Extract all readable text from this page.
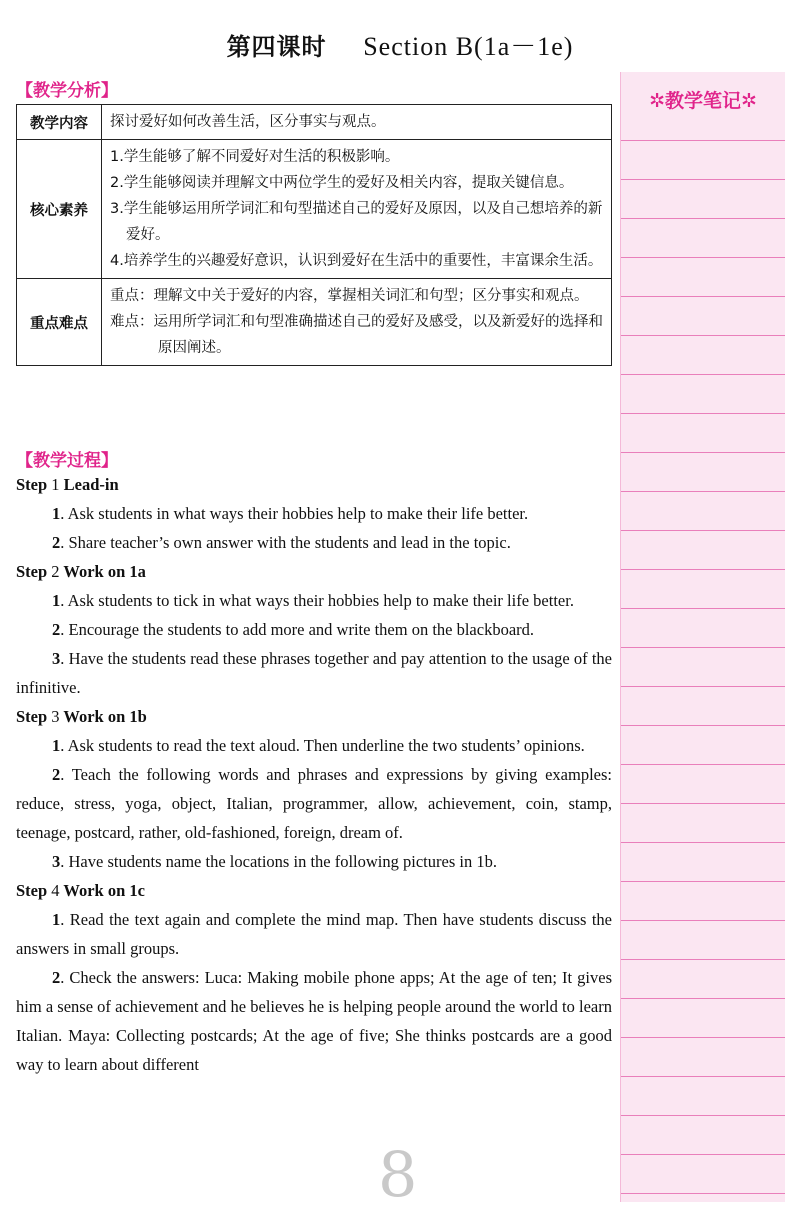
第四课时 Section B(1a－1e)
【教学分析】
教学内容	探讨爱好如何改善生活，区分事实与观点。
核心素养	1.学生能够了解不同爱好对生活的积极影响。
2.学生能够阅读并理解文中两位学生的爱好及相关内容，提取关键信息。
3.学生能够运用所学词汇和句型描述自己的爱好及原因，以及自己想培养的新爱好。
4.培养学生的兴趣爱好意识，认识到爱好在生活中的重要性，丰富课余生活。

重点难点	重点：理解文中关于爱好的内容，掌握相关词汇和句型；区分事实和观点。
难点：运用所学词汇和句型准确描述自己的爱好及感受，以及新爱好的选择和原因阐述。
✲教学笔记✲
【教学过程】
Step 1 Lead-in
1. Ask students in what ways their hobbies help to make their life better.
2. Share teacher’s own answer with the students and lead in the topic.
Step 2 Work on 1a
1. Ask students to tick in what ways their hobbies help to make their life better.
2. Encourage the students to add more and write them on the blackboard.
3. Have the students read these phrases together and pay attention to the usage of the infinitive.
Step 3 Work on 1b
1. Ask students to read the text aloud. Then underline the two students’ opinions.
2. Teach the following words and phrases and expressions by giving examples: reduce, stress, yoga, object, Italian, programmer, allow, achievement, coin, stamp, teenage, postcard, rather, old-fashioned, foreign, dream of.
3. Have students name the locations in the following pictures in 1b.
Step 4 Work on 1c
1. Read the text again and complete the mind map. Then have students discuss the answers in small groups.
2. Check the answers: Luca: Making mobile phone apps; At the age of ten; It gives him a sense of achievement and he believes he is helping people around the world to learn Italian. Maya: Collecting postcards; At the age of five; She thinks postcards are a good way to learn about different
8
